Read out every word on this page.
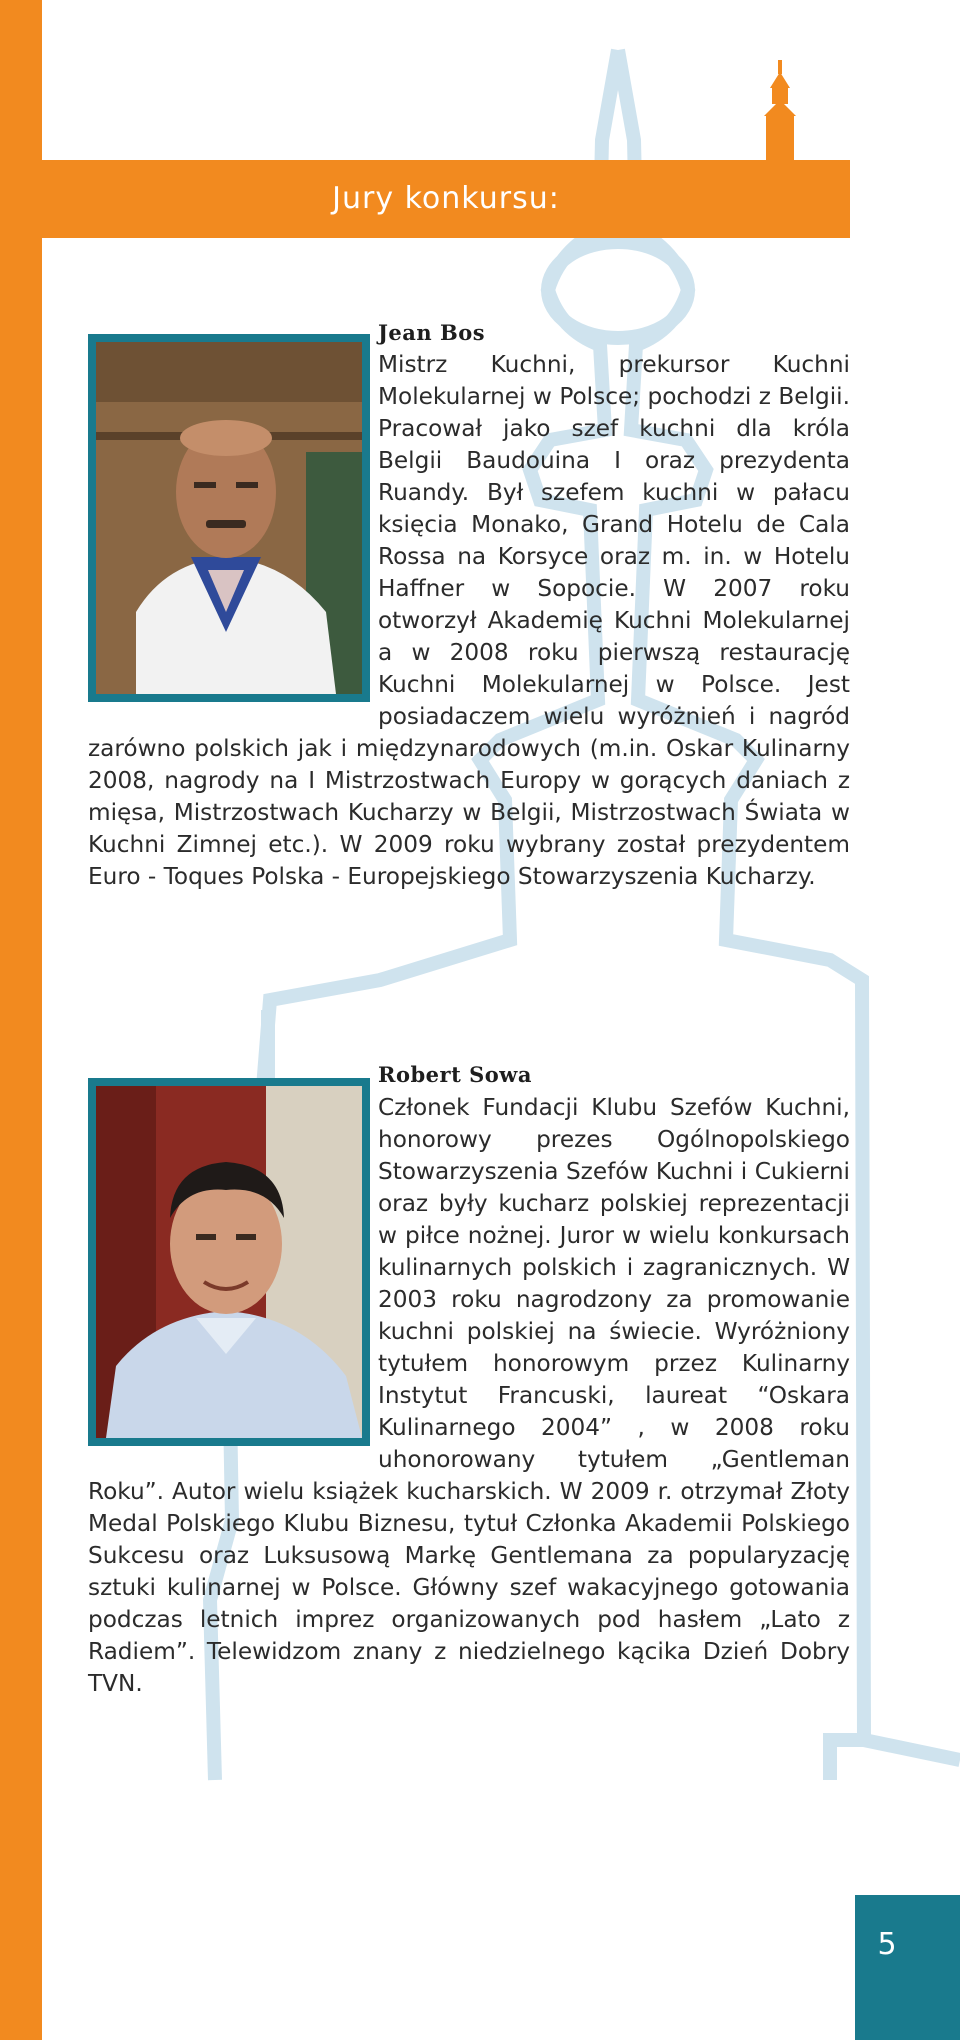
Jury konkursu:
Jean Bos
Mistrz Kuchni, prekursor Kuchni Molekularnej w Polsce; pochodzi z Belgii. Pracował jako szef kuchni dla króla Belgii Baudouina I oraz prezydenta Ruandy. Był szefem kuchni w pałacu księcia Monako, Grand Hotelu de Cala Rossa na Korsyce oraz m. in. w Hotelu Haffner w Sopocie. W 2007 roku otworzył Akademię Kuchni Molekularnej a w 2008 roku pierwszą restaurację Kuchni Molekularnej w Polsce. Jest posiadaczem wielu wyróżnień i nagród zarówno polskich jak i międzynarodowych (m.in. Oskar Kulinarny 2008, nagrody na I Mistrzostwach Europy w gorących daniach z mięsa, Mistrzostwach Kucharzy w Belgii, Mistrzostwach Świata w Kuchni Zimnej etc.). W 2009 roku wybrany został prezydentem Euro - Toques Polska - Europejskiego Stowarzyszenia Kucharzy.
Robert Sowa
Członek Fundacji Klubu Szefów Kuchni, honorowy prezes Ogólnopolskiego Stowarzyszenia Szefów Kuchni i Cukierni oraz były kucharz polskiej reprezentacji w piłce nożnej. Juror w wielu konkursach kulinarnych polskich i zagranicznych. W 2003 roku nagrodzony za promowanie kuchni polskiej na świecie. Wyróżniony tytułem honorowym przez Kulinarny Instytut Francuski, laureat “Oskara Kulinarnego 2004” , w 2008 roku uhonorowany tytułem „Gentleman Roku”. Autor wielu książek kucharskich. W 2009 r. otrzymał Złoty Medal Polskiego Klubu Biznesu, tytuł Członka Akademii Polskiego Sukcesu oraz Luksusową Markę Gentlemana za popularyzację sztuki kulinarnej w Polsce. Główny szef wakacyjnego gotowania podczas letnich imprez organizowanych pod hasłem „Lato z Radiem”. Telewidzom znany z niedzielnego kącika Dzień Dobry TVN.
5
